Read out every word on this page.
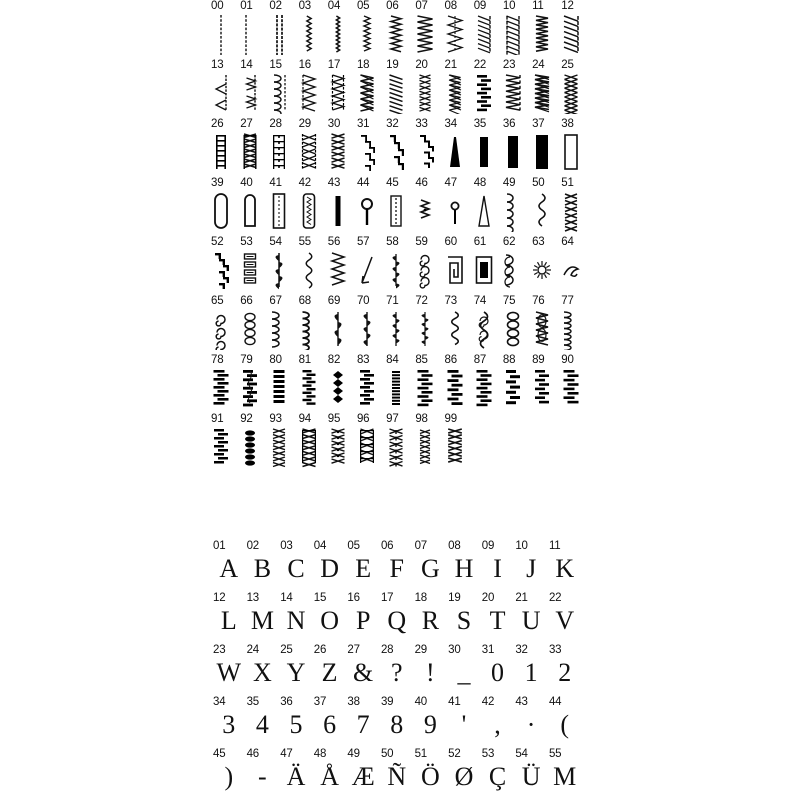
00 01 02 03 04 05 06 07 08 09 10 11 12
13 14 15 16 17 18 19 20 21 22 23 24 25
26 27 28 29 30 31 32 33 34 35 36 37 38
39 40 41 42 43 44 45 46 47 48 49 50 51
52 53 54 55 56 57 58 59 60 61 62 63 64
65 66 67 68 69 70 71 72 73 74 75 76 77
78 79 80 81 82 83 84 85 86 87 88 89 90
91 92 93 94 95 96 97 98 99
01
A
02
B
03
C
04
D
05
E
06
F
07
G
08
H
09
I
10
J
11
K
12
L
13
M
14
N
15
O
16
P
17
Q
18
R
19
S
20
T
21
U
22
V
23
W
24
X
25
Y
26
Z
27
&
28
?
29
!
30
_
31
0
32
1
33
2
34
3
35
4
36
5
37
6
38
7
39
8
40
9
41
'
42
,
43
·
44
(
45
)
46
-
47
Ä
48
Å
49
Æ
50
Ñ
51
Ö
52
Ø
53
Ç
54
Ü
55
M
